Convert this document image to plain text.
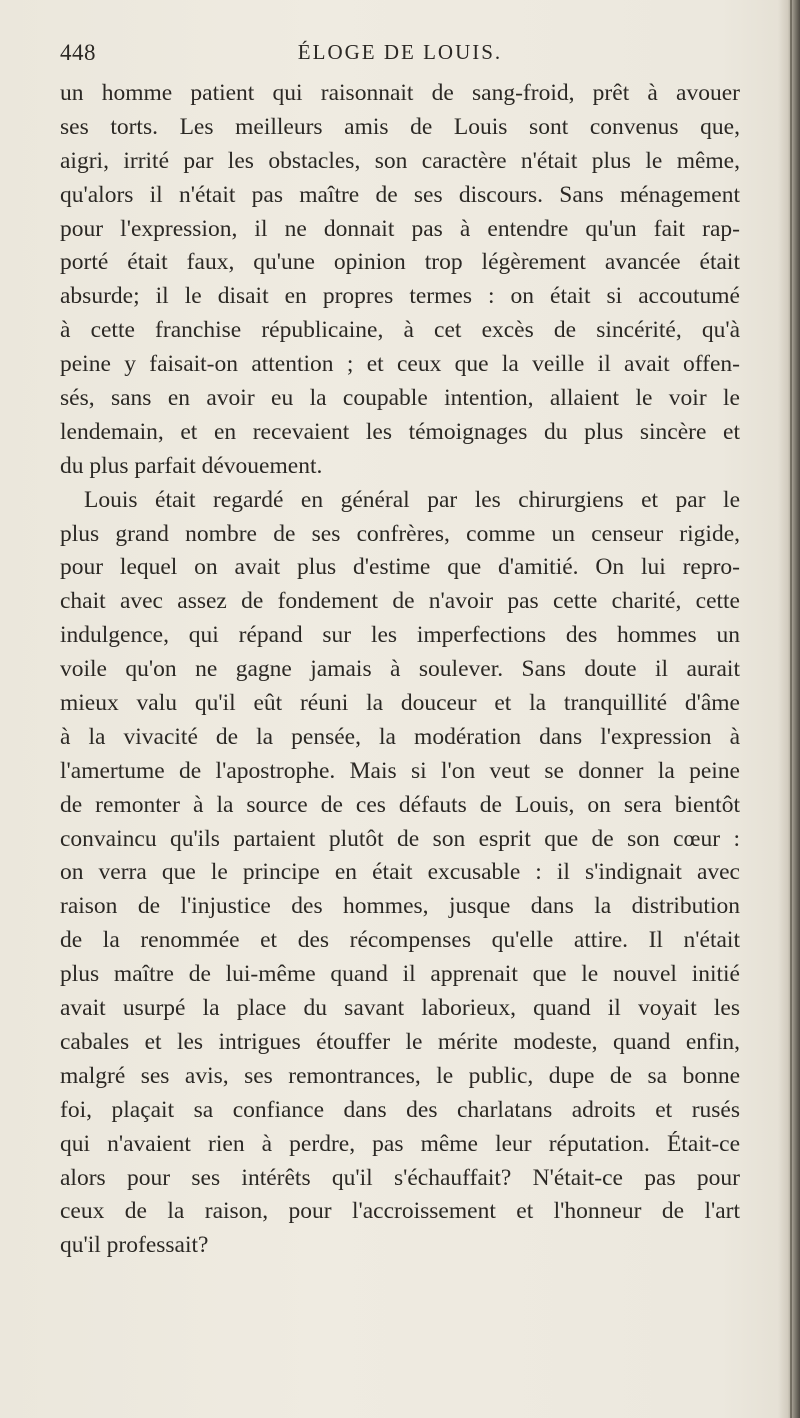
448	ÉLOGE DE LOUIS.
un homme patient qui raisonnait de sang-froid, prêt à avouer
ses torts. Les meilleurs amis de Louis sont convenus que,
aigri, irrité par les obstacles, son caractère n'était plus le même,
qu'alors il n'était pas maître de ses discours. Sans ménagement
pour l'expression, il ne donnait pas à entendre qu'un fait rap-
porté était faux, qu'une opinion trop légèrement avancée était
absurde; il le disait en propres termes : on était si accoutumé
à cette franchise républicaine, à cet excès de sincérité, qu'à
peine y faisait-on attention ; et ceux que la veille il avait offen-
sés, sans en avoir eu la coupable intention, allaient le voir le
lendemain, et en recevaient les témoignages du plus sincère et
du plus parfait dévouement.
Louis était regardé en général par les chirurgiens et par le
plus grand nombre de ses confrères, comme un censeur rigide,
pour lequel on avait plus d'estime que d'amitié. On lui repro-
chait avec assez de fondement de n'avoir pas cette charité, cette
indulgence, qui répand sur les imperfections des hommes un
voile qu'on ne gagne jamais à soulever. Sans doute il aurait
mieux valu qu'il eût réuni la douceur et la tranquillité d'âme
à la vivacité de la pensée, la modération dans l'expression à
l'amertume de l'apostrophe. Mais si l'on veut se donner la peine
de remonter à la source de ces défauts de Louis, on sera bientôt
convaincu qu'ils partaient plutôt de son esprit que de son cœur :
on verra que le principe en était excusable : il s'indignait avec
raison de l'injustice des hommes, jusque dans la distribution
de la renommée et des récompenses qu'elle attire. Il n'était
plus maître de lui-même quand il apprenait que le nouvel initié
avait usurpé la place du savant laborieux, quand il voyait les
cabales et les intrigues étouffer le mérite modeste, quand enfin,
malgré ses avis, ses remontrances, le public, dupe de sa bonne
foi, plaçait sa confiance dans des charlatans adroits et rusés
qui n'avaient rien à perdre, pas même leur réputation. Était-ce
alors pour ses intérêts qu'il s'échauffait? N'était-ce pas pour
ceux de la raison, pour l'accroissement et l'honneur de l'art
qu'il professait?
